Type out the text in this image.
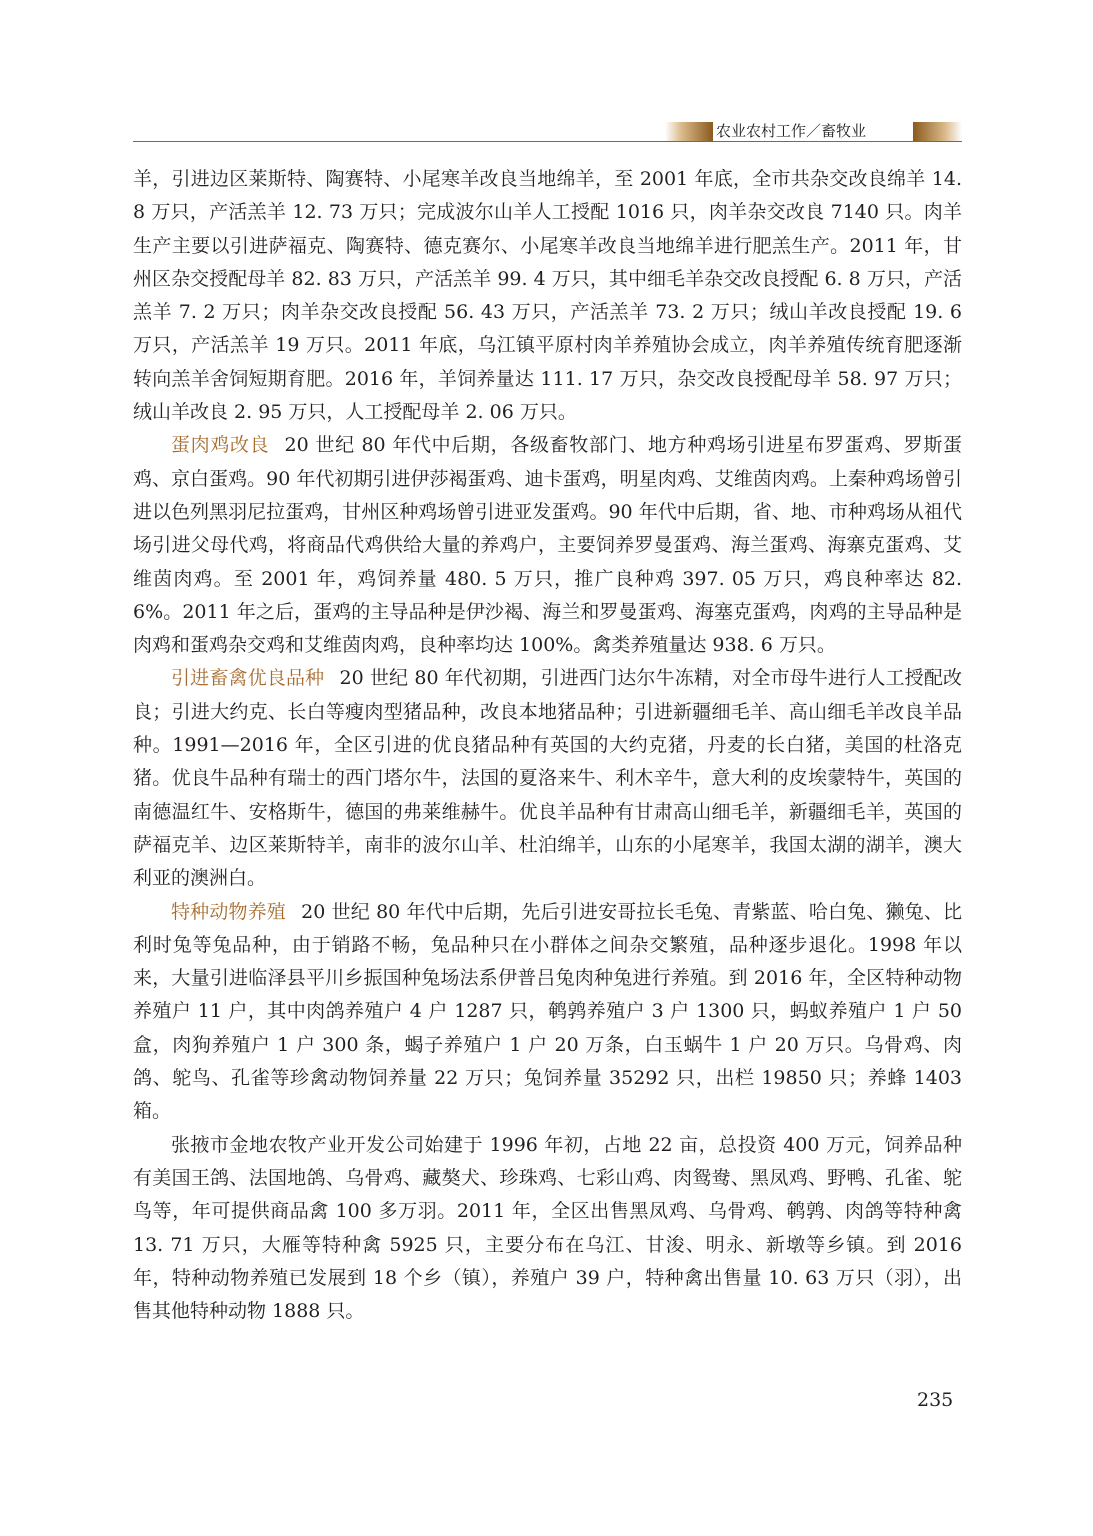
农业农村工作／畜牧业

羊，引进边区莱斯特、陶赛特、小尾寒羊改良当地绵羊，至 2001 年底，全市共杂交改良绵羊 14. 8 万只，产活羔羊 12. 73 万只；完成波尔山羊人工授配 1016 只，肉羊杂交改良 7140 只。肉羊生产主要以引进萨福克、陶赛特、德克赛尔、小尾寒羊改良当地绵羊进行肥羔生产。2011 年，甘州区杂交授配母羊 82. 83 万只，产活羔羊 99. 4 万只，其中细毛羊杂交改良授配 6. 8 万只，产活羔羊 7. 2 万只；肉羊杂交改良授配 56. 43 万只，产活羔羊 73. 2 万只；绒山羊改良授配 19. 6 万只，产活羔羊 19 万只。2011 年底，乌江镇平原村肉羊养殖协会成立，肉羊养殖传统育肥逐渐转向羔羊舍饲短期育肥。2016 年，羊饲养量达 111. 17 万只，杂交改良授配母羊 58. 97 万只；绒山羊改良 2. 95 万只，人工授配母羊 2. 06 万只。

蛋肉鸡改良 20 世纪 80 年代中后期，各级畜牧部门、地方种鸡场引进星布罗蛋鸡、罗斯蛋鸡、京白蛋鸡。90 年代初期引进伊莎褐蛋鸡、迪卡蛋鸡，明星肉鸡、艾维茵肉鸡。上秦种鸡场曾引进以色列黑羽尼拉蛋鸡，甘州区种鸡场曾引进亚发蛋鸡。90 年代中后期，省、地、市种鸡场从祖代场引进父母代鸡，将商品代鸡供给大量的养鸡户，主要饲养罗曼蛋鸡、海兰蛋鸡、海寨克蛋鸡、艾维茵肉鸡。至 2001 年，鸡饲养量 480. 5 万只，推广良种鸡 397. 05 万只，鸡良种率达 82. 6%。2011 年之后，蛋鸡的主导品种是伊沙褐、海兰和罗曼蛋鸡、海塞克蛋鸡，肉鸡的主导品种是肉鸡和蛋鸡杂交鸡和艾维茵肉鸡，良种率均达 100%。禽类养殖量达 938. 6 万只。

引进畜禽优良品种 20 世纪 80 年代初期，引进西门达尔牛冻精，对全市母牛进行人工授配改良；引进大约克、长白等瘦肉型猪品种，改良本地猪品种；引进新疆细毛羊、高山细毛羊改良羊品种。1991—2016 年，全区引进的优良猪品种有英国的大约克猪，丹麦的长白猪，美国的杜洛克猪。优良牛品种有瑞士的西门塔尔牛，法国的夏洛来牛、利木辛牛，意大利的皮埃蒙特牛，英国的南德温红牛、安格斯牛，德国的弗莱维赫牛。优良羊品种有甘肃高山细毛羊，新疆细毛羊，英国的萨福克羊、边区莱斯特羊，南非的波尔山羊、杜泊绵羊，山东的小尾寒羊，我国太湖的湖羊，澳大利亚的澳洲白。

特种动物养殖 20 世纪 80 年代中后期，先后引进安哥拉长毛兔、青紫蓝、哈白兔、獭兔、比利时兔等兔品种，由于销路不畅，兔品种只在小群体之间杂交繁殖，品种逐步退化。1998 年以来，大量引进临泽县平川乡振国种兔场法系伊普吕兔肉种兔进行养殖。到 2016 年，全区特种动物养殖户 11 户，其中肉鸽养殖户 4 户 1287 只，鹌鹑养殖户 3 户 1300 只，蚂蚁养殖户 1 户 50 盒，肉狗养殖户 1 户 300 条，蝎子养殖户 1 户 20 万条，白玉蜗牛 1 户 20 万只。乌骨鸡、肉鸽、鸵鸟、孔雀等珍禽动物饲养量 22 万只；兔饲养量 35292 只，出栏 19850 只；养蜂 1403 箱。

张掖市金地农牧产业开发公司始建于 1996 年初，占地 22 亩，总投资 400 万元，饲养品种有美国王鸽、法国地鸽、乌骨鸡、藏獒犬、珍珠鸡、七彩山鸡、肉鸳鸯、黑凤鸡、野鸭、孔雀、鸵鸟等，年可提供商品禽 100 多万羽。2011 年，全区出售黑凤鸡、乌骨鸡、鹌鹑、肉鸽等特种禽 13. 71 万只，大雁等特种禽 5925 只，主要分布在乌江、甘浚、明永、新墩等乡镇。到 2016 年，特种动物养殖已发展到 18 个乡（镇），养殖户 39 户，特种禽出售量 10. 63 万只（羽），出售其他特种动物 1888 只。

235
